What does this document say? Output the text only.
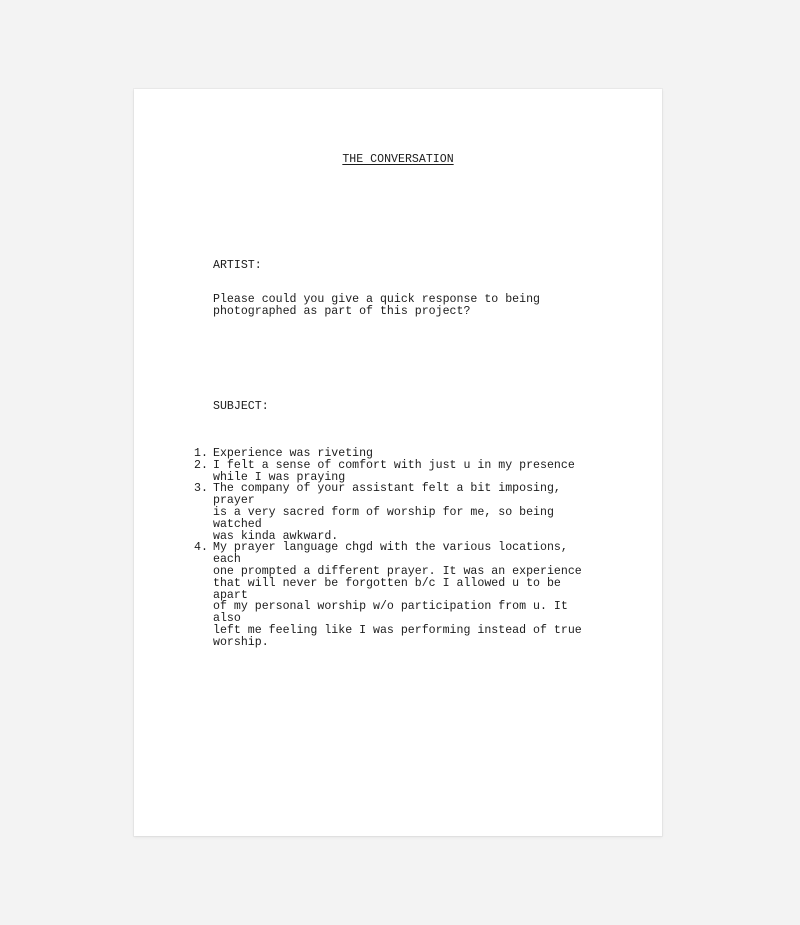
THE CONVERSATION
ARTIST:
Please could you give a quick response to being
photographed as part of this project?
SUBJECT:
1. Experience was riveting
2. I felt a sense of comfort with just u in my presence
while I was praying
3. The company of your assistant felt a bit imposing, prayer
is a very sacred form of worship for me, so being watched
was kinda awkward.
4. My prayer language chgd with the various locations, each
one prompted a different prayer. It was an experience
that will never be forgotten b/c I allowed u to be apart
of my personal worship w/o participation from u. It also
left me feeling like I was performing instead of true
worship.
